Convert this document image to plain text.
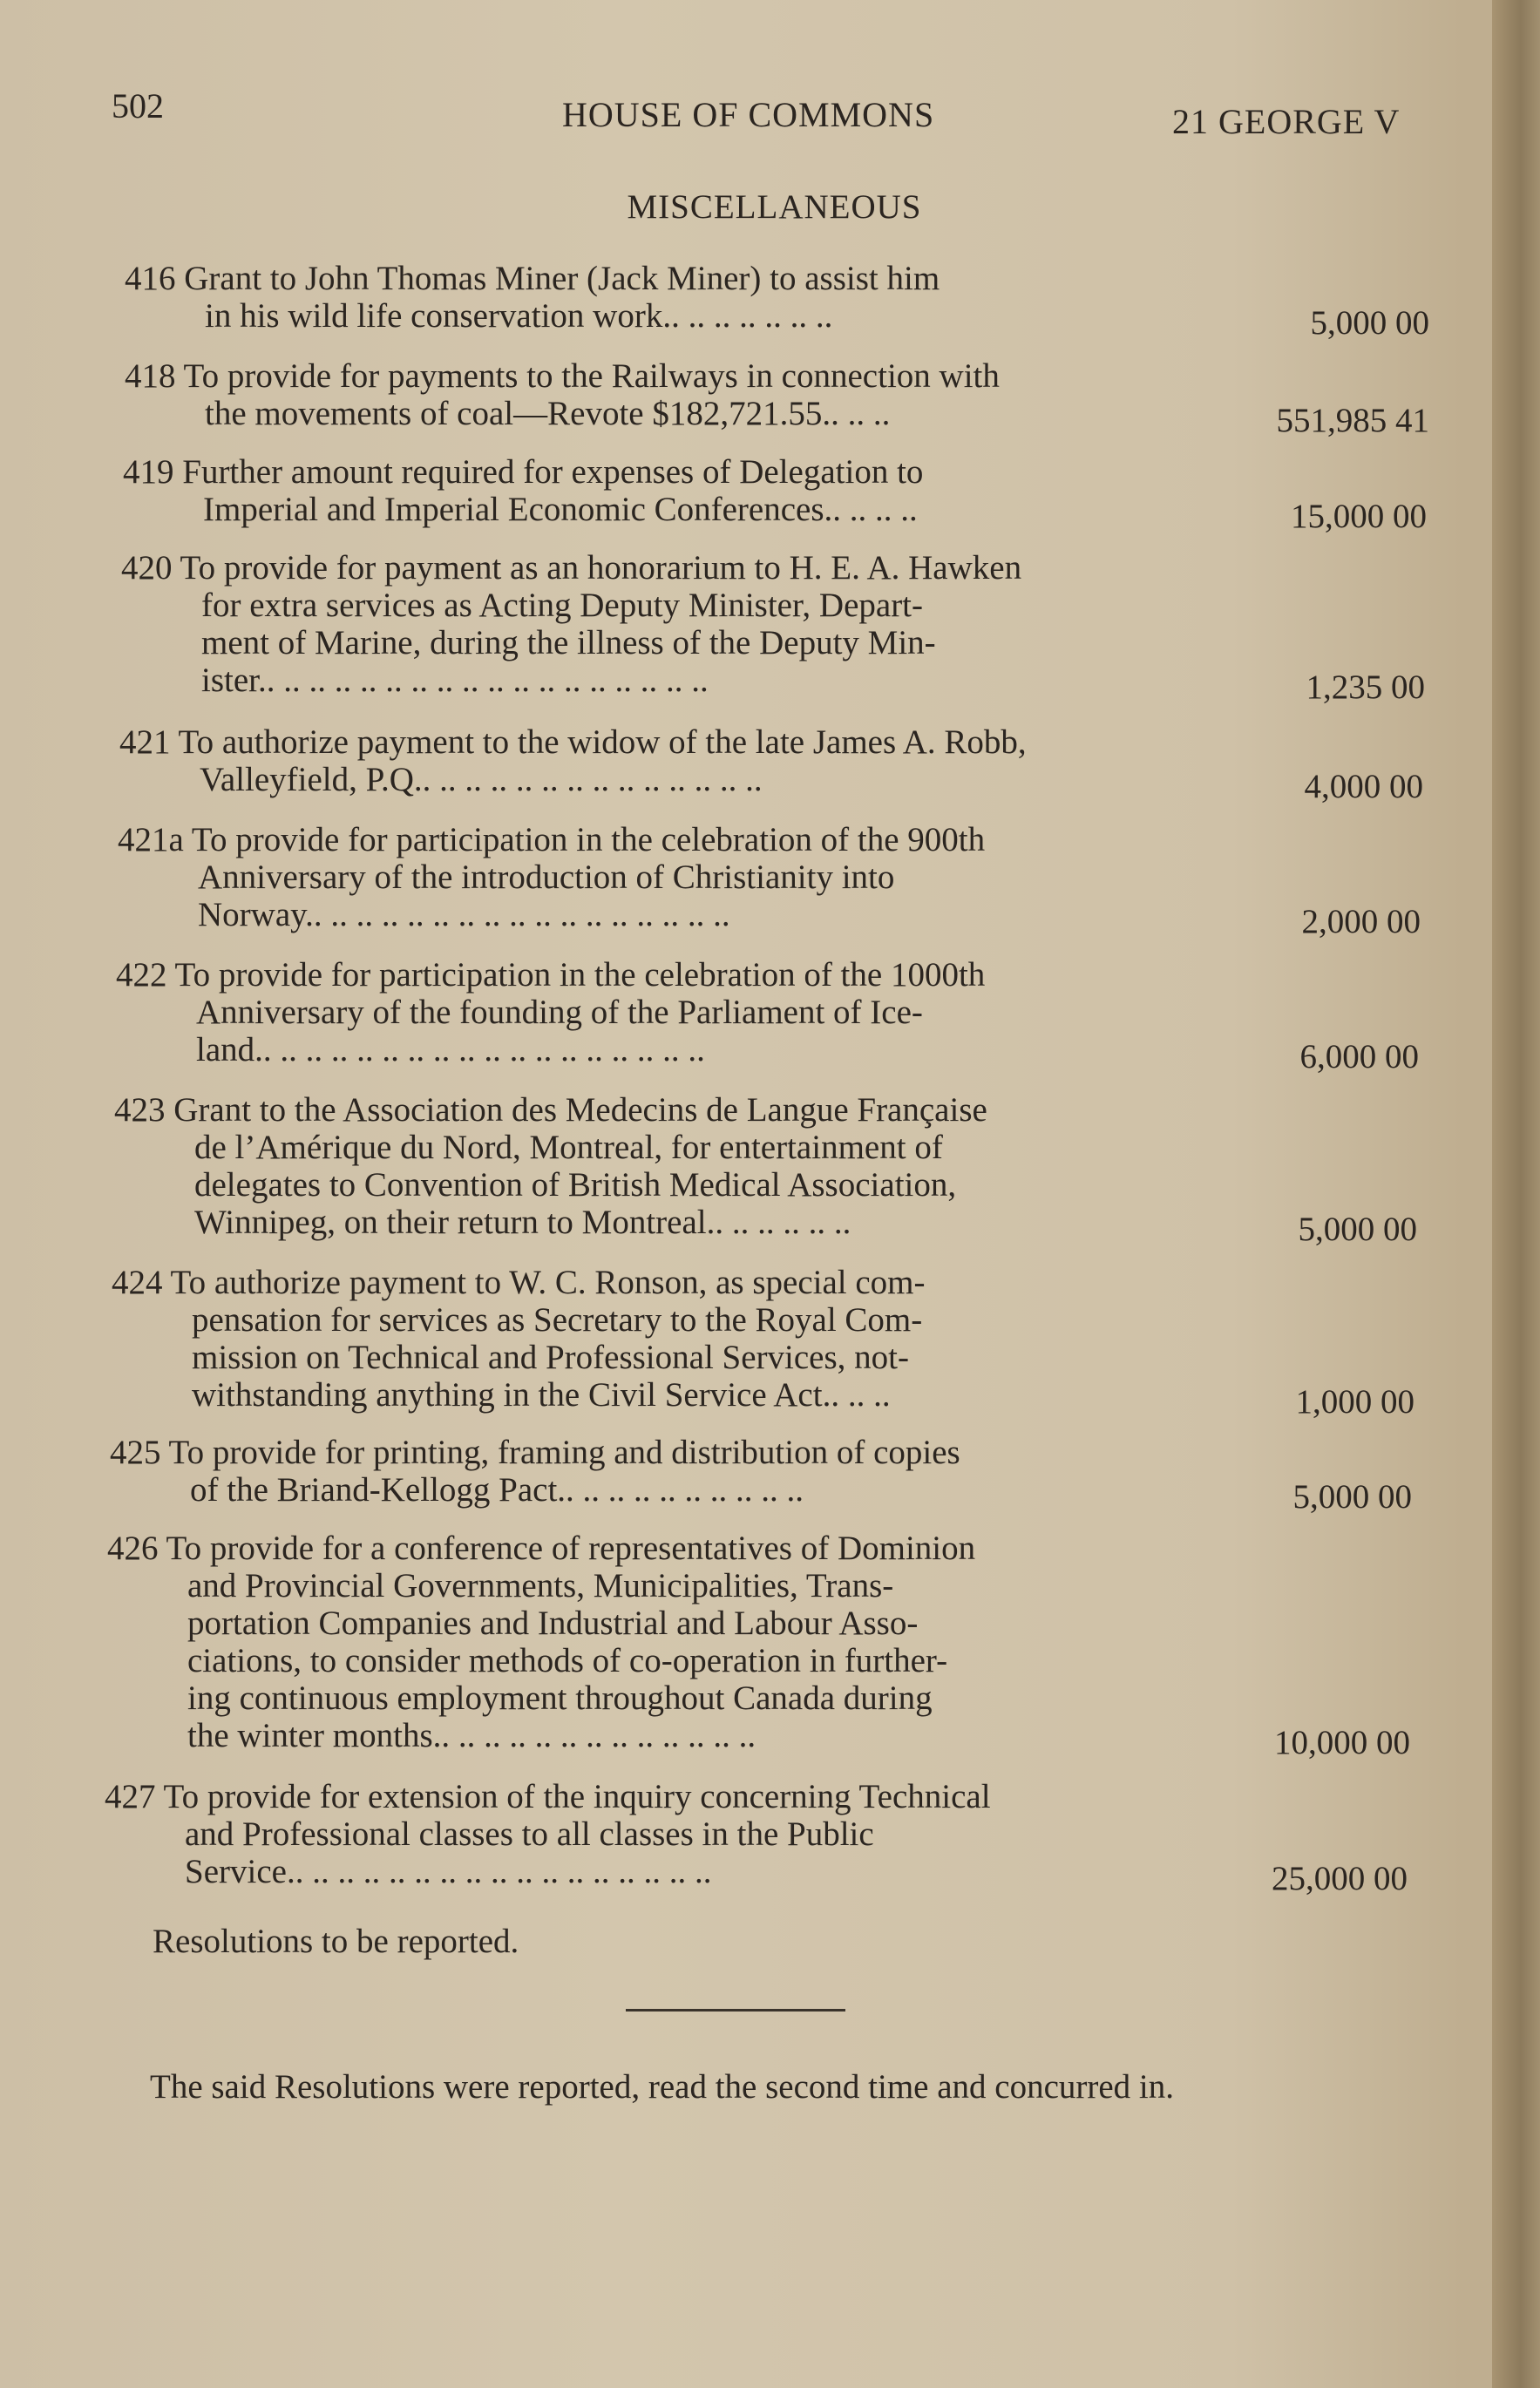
502	HOUSE OF COMMONS	21 GEORGE V
MISCELLANEOUS
416 Grant to John Thomas Miner (Jack Miner) to assist him
in his wild life conservation work.. .. .. .. .. .. ..	5,000 00
418 To provide for payments to the Railways in connection with
the movements of coal—Revote $182,721.55.. .. ..	551,985 41
419 Further amount required for expenses of Delegation to
Imperial and Imperial Economic Conferences.. .. .. ..	15,000 00
420 To provide for payment as an honorarium to H. E. A. Hawken
for extra services as Acting Deputy Minister, Depart-
ment of Marine, during the illness of the Deputy Min-
ister.. .. .. .. .. .. .. .. .. .. .. .. .. .. .. .. .. ..	1,235 00
421 To authorize payment to the widow of the late James A. Robb,
Valleyfield, P.Q.. .. .. .. .. .. .. .. .. .. .. .. .. ..	4,000 00
421a To provide for participation in the celebration of the 900th
Anniversary of the introduction of Christianity into
Norway.. .. .. .. .. .. .. .. .. .. .. .. .. .. .. .. ..	2,000 00
422 To provide for participation in the celebration of the 1000th
Anniversary of the founding of the Parliament of Ice-
land.. .. .. .. .. .. .. .. .. .. .. .. .. .. .. .. .. ..	6,000 00
423 Grant to the Association des Medecins de Langue Française
de l’Amérique du Nord, Montreal, for entertainment of
delegates to Convention of British Medical Association,
Winnipeg, on their return to Montreal.. .. .. .. .. ..	5,000 00
424 To authorize payment to W. C. Ronson, as special com-
pensation for services as Secretary to the Royal Com-
mission on Technical and Professional Services, not-
withstanding anything in the Civil Service Act.. .. ..	1,000 00
425 To provide for printing, framing and distribution of copies
of the Briand-Kellogg Pact.. .. .. .. .. .. .. .. .. ..	5,000 00
426 To provide for a conference of representatives of Dominion
and Provincial Governments, Municipalities, Trans-
portation Companies and Industrial and Labour Asso-
ciations, to consider methods of co-operation in further-
ing continuous employment throughout Canada during
the winter months.. .. .. .. .. .. .. .. .. .. .. .. ..	10,000 00
427 To provide for extension of the inquiry concerning Technical
and Professional classes to all classes in the Public
Service.. .. .. .. .. .. .. .. .. .. .. .. .. .. .. .. ..	25,000 00
Resolutions to be reported.
The said Resolutions were reported, read the second time and concurred in.
